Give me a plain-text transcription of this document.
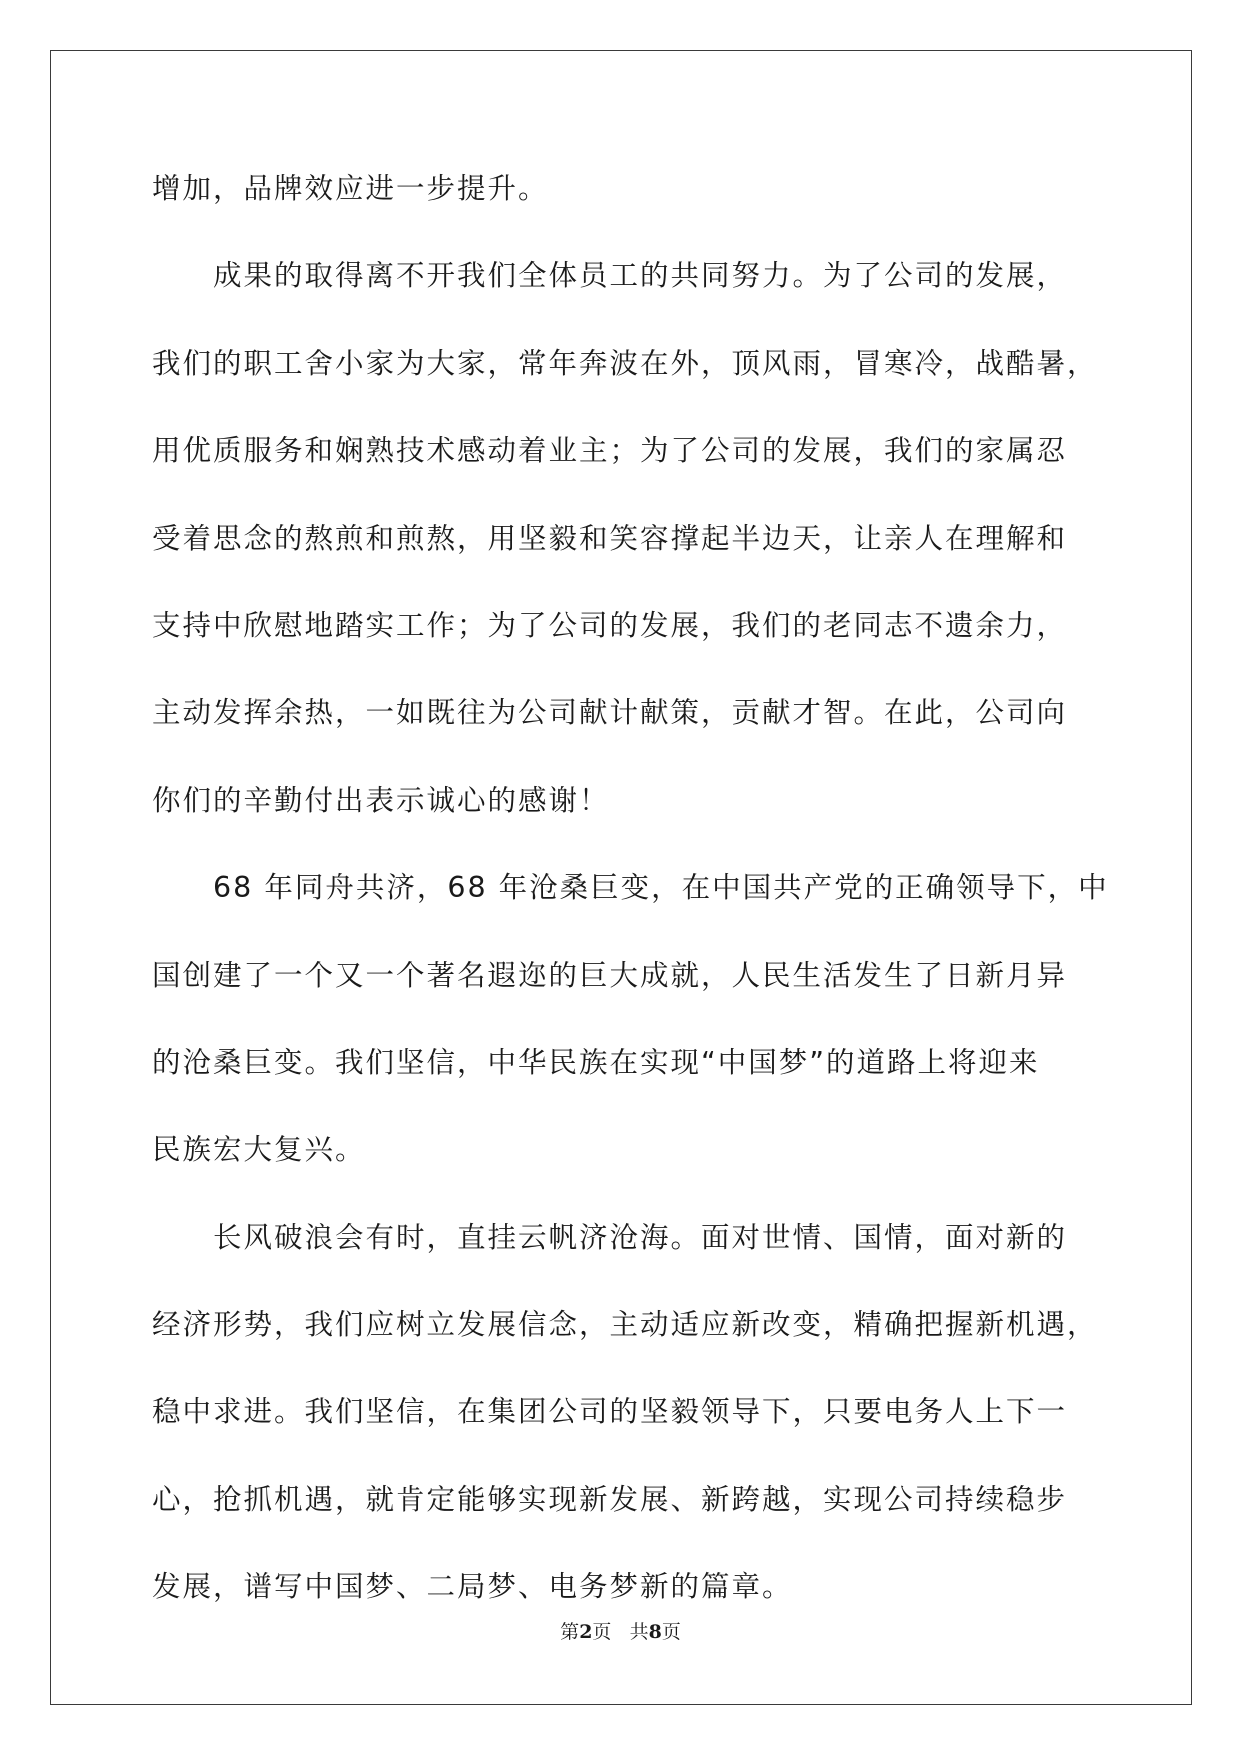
增加，品牌效应进一步提升。
　　成果的取得离不开我们全体员工的共同努力。为了公司的发展，
我们的职工舍小家为大家，常年奔波在外，顶风雨，冒寒冷，战酷暑，
用优质服务和娴熟技术感动着业主；为了公司的发展，我们的家属忍
受着思念的熬煎和煎熬，用坚毅和笑容撑起半边天，让亲人在理解和
支持中欣慰地踏实工作；为了公司的发展，我们的老同志不遗余力，
主动发挥余热，一如既往为公司献计献策，贡献才智。在此，公司向
你们的辛勤付出表示诚心的感谢！
　　68 年同舟共济，68 年沧桑巨变，在中国共产党的正确领导下，中
国创建了一个又一个著名遐迩的巨大成就，人民生活发生了日新月异
的沧桑巨变。我们坚信，中华民族在实现“中国梦”的道路上将迎来
民族宏大复兴。
　　长风破浪会有时，直挂云帆济沧海。面对世情、国情，面对新的
经济形势，我们应树立发展信念，主动适应新改变，精确把握新机遇，
稳中求进。我们坚信，在集团公司的坚毅领导下，只要电务人上下一
心，抢抓机遇，就肯定能够实现新发展、新跨越，实现公司持续稳步
发展，谱写中国梦、二局梦、电务梦新的篇章。
第2页 共8页
